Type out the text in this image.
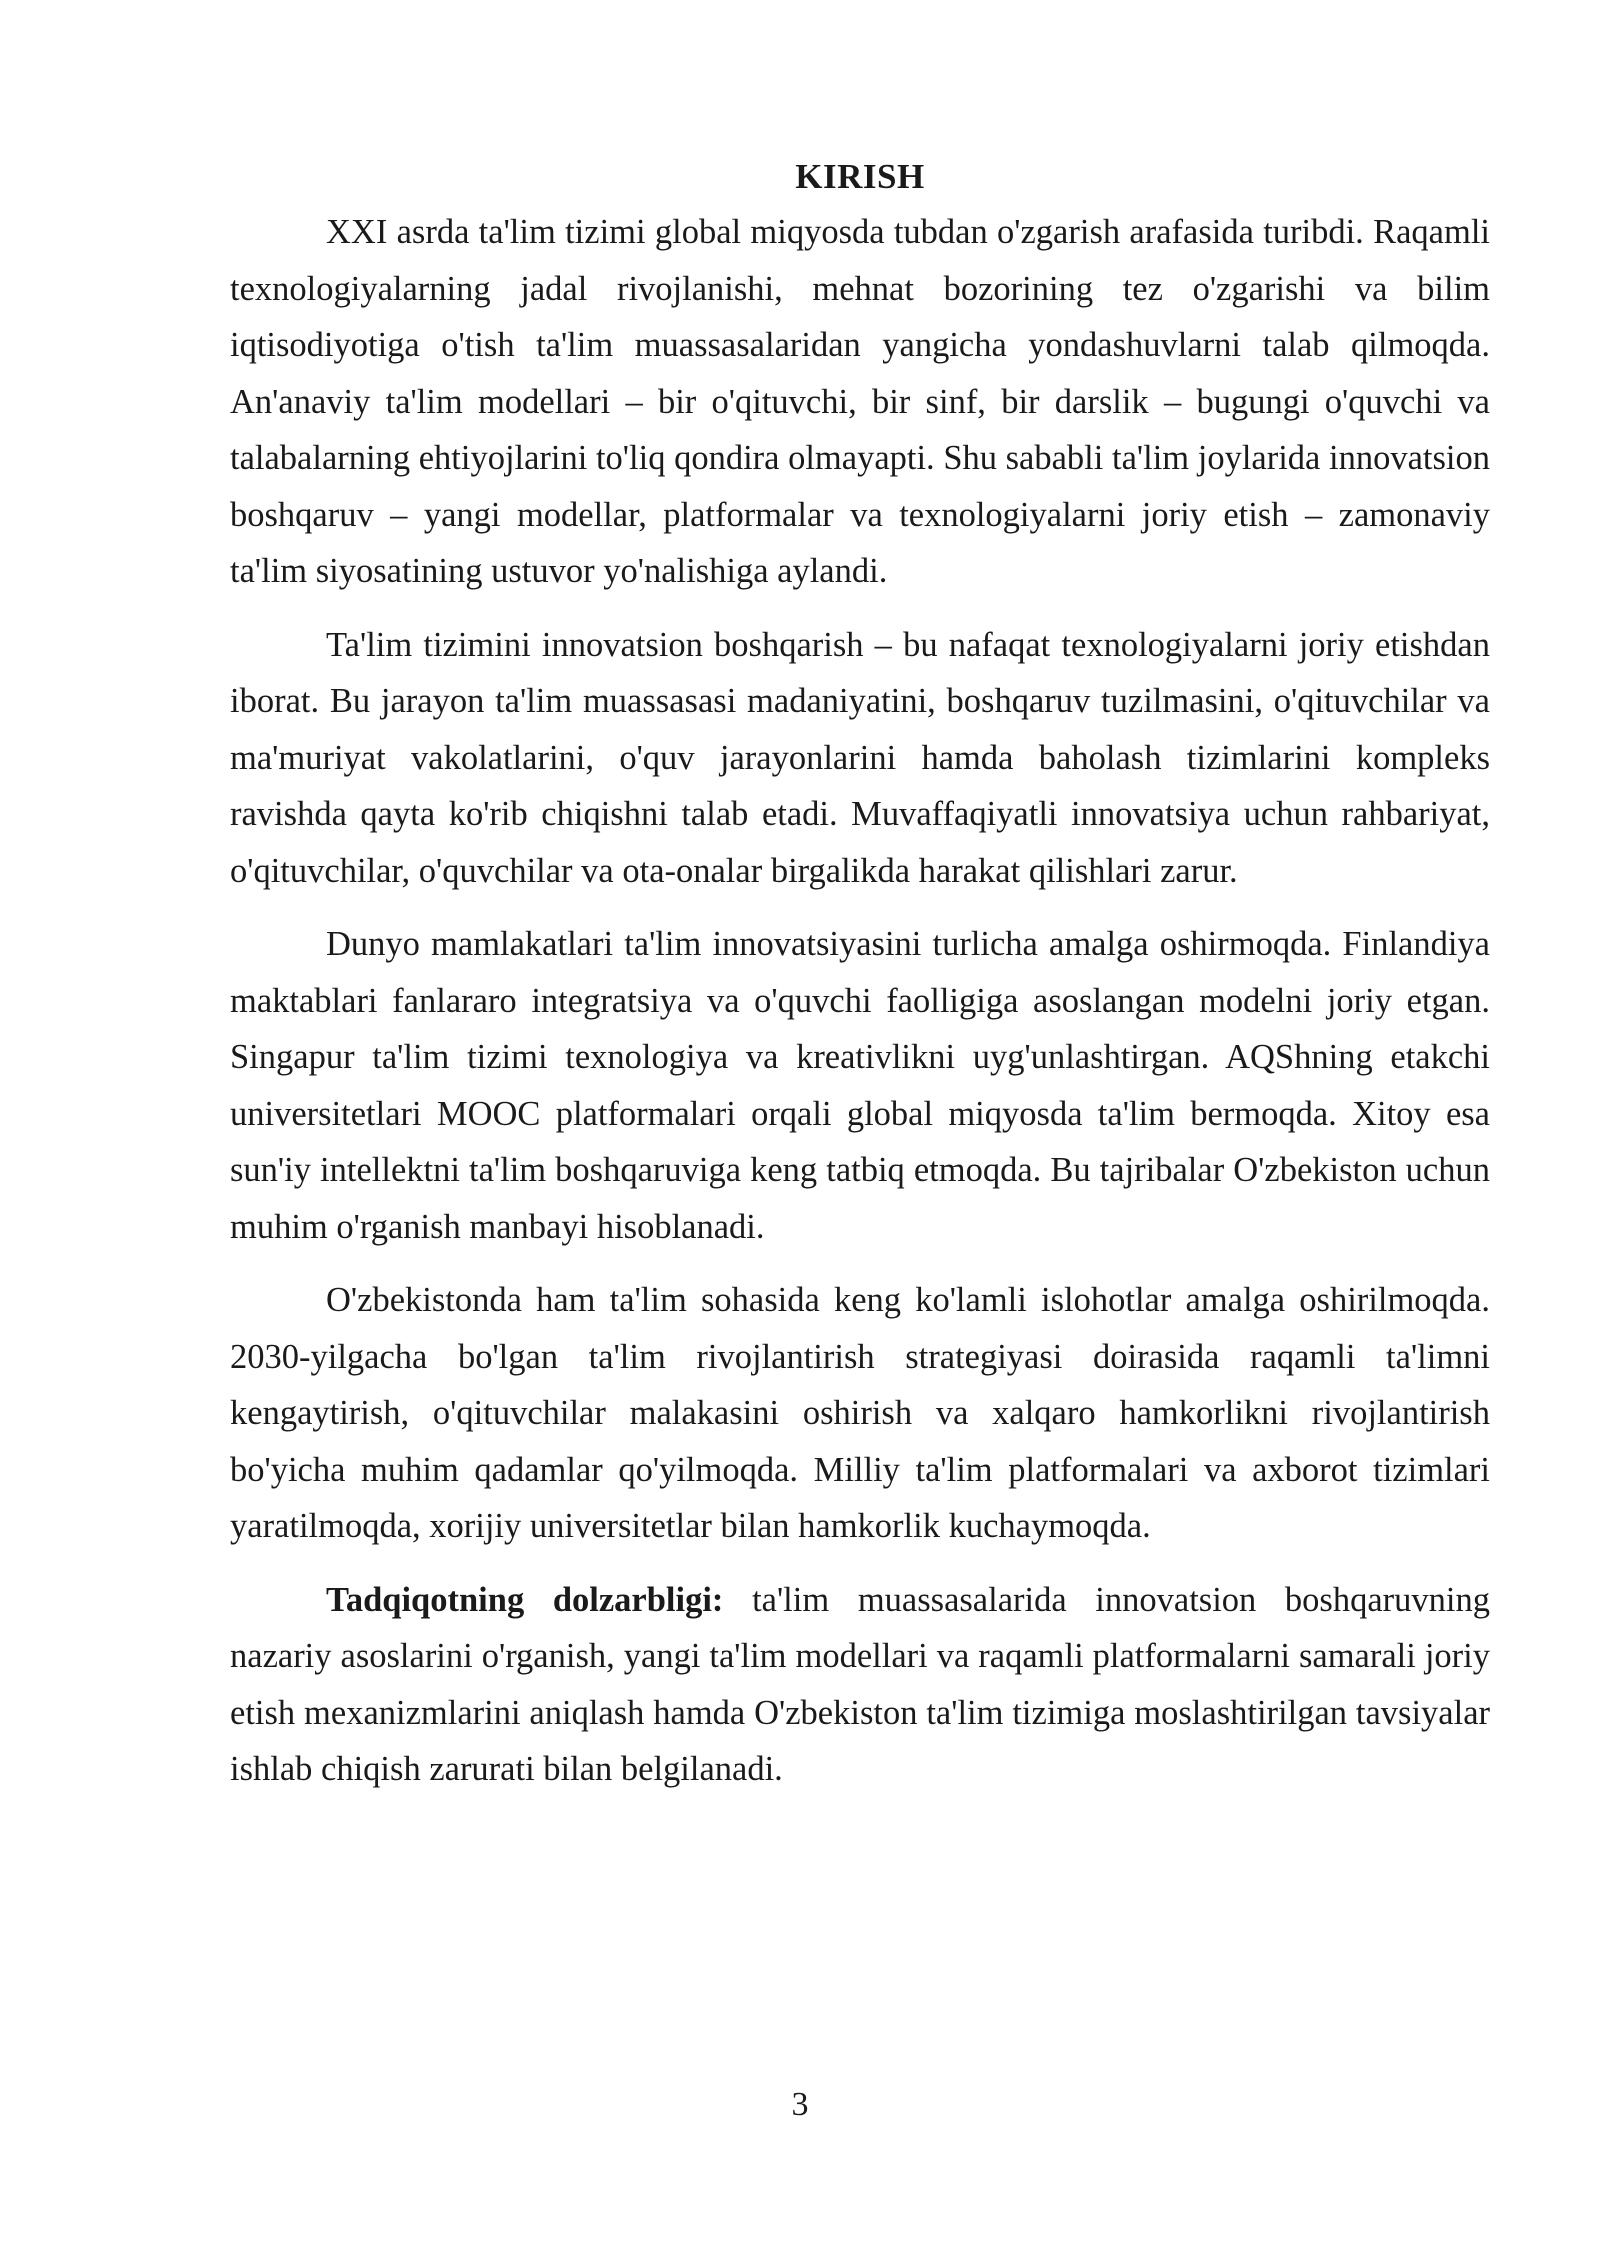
KIRISH

XXI asrda ta'lim tizimi global miqyosda tubdan o'zgarish arafasida turibdi. Raqamli texnologiyalarning jadal rivojlanishi, mehnat bozorining tez o'zgarishi va bilim iqtisodiyotiga o'tish ta'lim muassasalaridan yangicha yondashuvlarni talab qilmoqda. An'anaviy ta'lim modellari – bir o'qituvchi, bir sinf, bir darslik – bugungi o'quvchi va talabalarning ehtiyojlarini to'liq qondira olmayapti. Shu sababli ta'lim joylarida innovatsion boshqaruv – yangi modellar, platformalar va texnologiyalarni joriy etish – zamonaviy ta'lim siyosatining ustuvor yo'nalishiga aylandi.

Ta'lim tizimini innovatsion boshqarish – bu nafaqat texnologiyalarni joriy etishdan iborat. Bu jarayon ta'lim muassasasi madaniyatini, boshqaruv tuzilmasini, o'qituvchilar va ma'muriyat vakolatlarini, o'quv jarayonlarini hamda baholash tizimlarini kompleks ravishda qayta ko'rib chiqishni talab etadi. Muvaffaqiyatli innovatsiya uchun rahbariyat, o'qituvchilar, o'quvchilar va ota-onalar birgalikda harakat qilishlari zarur.

Dunyo mamlakatlari ta'lim innovatsiyasini turlicha amalga oshirmoqda. Finlandiya maktablari fanlararo integratsiya va o'quvchi faolligiga asoslangan modelni joriy etgan. Singapur ta'lim tizimi texnologiya va kreativlikni uyg'unlashtirgan. AQShning etakchi universitetlari MOOC platformalari orqali global miqyosda ta'lim bermoqda. Xitoy esa sun'iy intellektni ta'lim boshqaruviga keng tatbiq etmoqda. Bu tajribalar O'zbekiston uchun muhim o'rganish manbayi hisoblanadi.

O'zbekistonda ham ta'lim sohasida keng ko'lamli islohotlar amalga oshirilmoqda. 2030-yilgacha bo'lgan ta'lim rivojlantirish strategiyasi doirasida raqamli ta'limni kengaytirish, o'qituvchilar malakasini oshirish va xalqaro hamkorlikni rivojlantirish bo'yicha muhim qadamlar qo'yilmoqda. Milliy ta'lim platformalari va axborot tizimlari yaratilmoqda, xorijiy universitetlar bilan hamkorlik kuchaymoqda.

Tadqiqotning dolzarbligi: ta'lim muassasalarida innovatsion boshqaruvning nazariy asoslarini o'rganish, yangi ta'lim modellari va raqamli platformalarni samarali joriy etish mexanizmlarini aniqlash hamda O'zbekiston ta'lim tizimiga moslashtirilgan tavsiyalar ishlab chiqish zarurati bilan belgilanadi.

3
